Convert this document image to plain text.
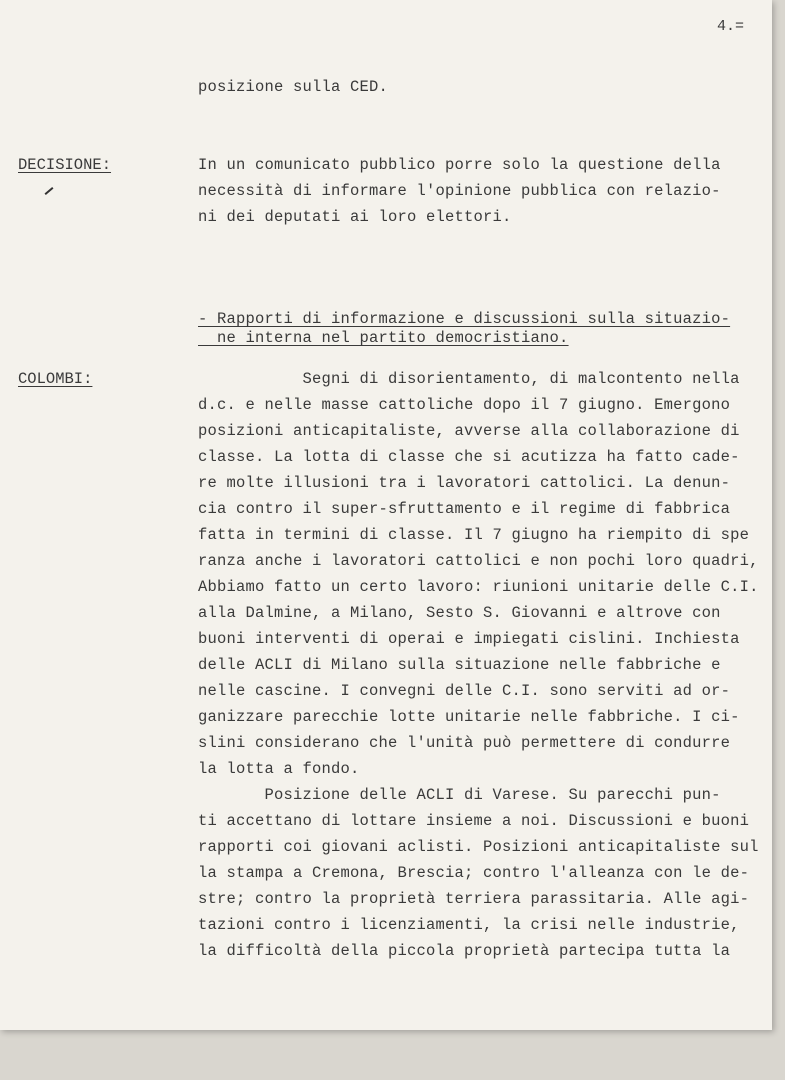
4.=
posizione sulla CED.
DECISIONE:	In un comunicato pubblico porre solo la questione della
necessità di informare l'opinione pubblica con relazio-
ni dei deputati ai loro elettori.
- Rapporti di informazione e discussioni sulla situazio-
ne interna nel partito democristiano.
COLOMBI:	Segni di disorientamento, di malcontento nella
d.c. e nelle masse cattoliche dopo il 7 giugno. Emergono
posizioni anticapitaliste, avverse alla collaborazione di
classe. La lotta di classe che si acutizza ha fatto cade-
re molte illusioni tra i lavoratori cattolici. La denun-
cia contro il super-sfruttamento e il regime di fabbrica
fatta in termini di classe. Il 7 giugno ha riempito di spe
ranza anche i lavoratori cattolici e non pochi loro quadri,
Abbiamo fatto un certo lavoro: riunioni unitarie delle C.I.
alla Dalmine, a Milano, Sesto S. Giovanni e altrove con
buoni interventi di operai e impiegati cislini. Inchiesta
delle ACLI di Milano sulla situazione nelle fabbriche e
nelle cascine. I convegni delle C.I. sono serviti ad or-
ganizzare parecchie lotte unitarie nelle fabbriche. I ci-
slini considerano che l'unità può permettere di condurre
la lotta a fondo.
Posizione delle ACLI di Varese. Su parecchi pun-
ti accettano di lottare insieme a noi. Discussioni e buoni
rapporti coi giovani aclisti. Posizioni anticapitaliste sul
la stampa a Cremona, Brescia; contro l'alleanza con le de-
stre; contro la proprietà terriera parassitaria. Alle agi-
tazioni contro i licenziamenti, la crisi nelle industrie,
la difficoltà della piccola proprietà partecipa tutta la
